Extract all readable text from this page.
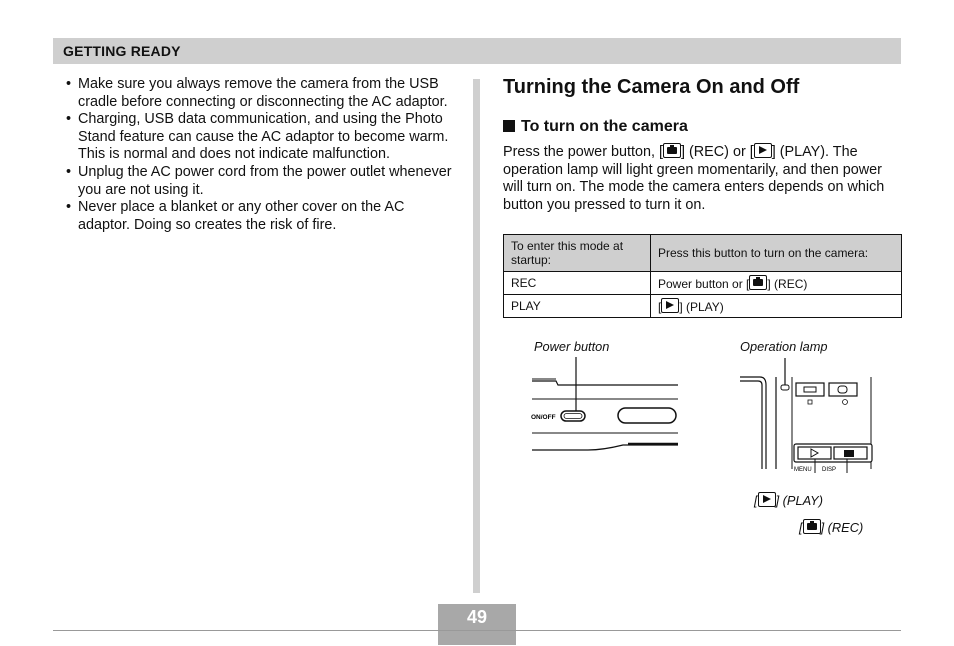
GETTING READY
• Make sure you always remove the camera from the USB cradle before connecting or disconnecting the AC adaptor.
• Charging, USB data communication, and using the Photo Stand feature can cause the AC adaptor to become warm. This is normal and does not indicate malfunction.
• Unplug the AC power cord from the power outlet whenever you are not using it.
• Never place a blanket or any other cover on the AC adaptor. Doing so creates the risk of fire.
Turning the Camera On and Off
To turn on the camera
Press the power button, [ ] (REC) or [ ] (PLAY). The operation lamp will light green momentarily, and then power will turn on. The mode the camera enters depends on which button you pressed to turn it on.
To enter this mode at startup:	Press this button to turn on the camera:
REC	Power button or [ ] (REC)
PLAY	[ ] (PLAY)
Power button	Operation lamp
ON/OFF
MENU DISP
[ ] (PLAY)
[ ] (REC)
49
